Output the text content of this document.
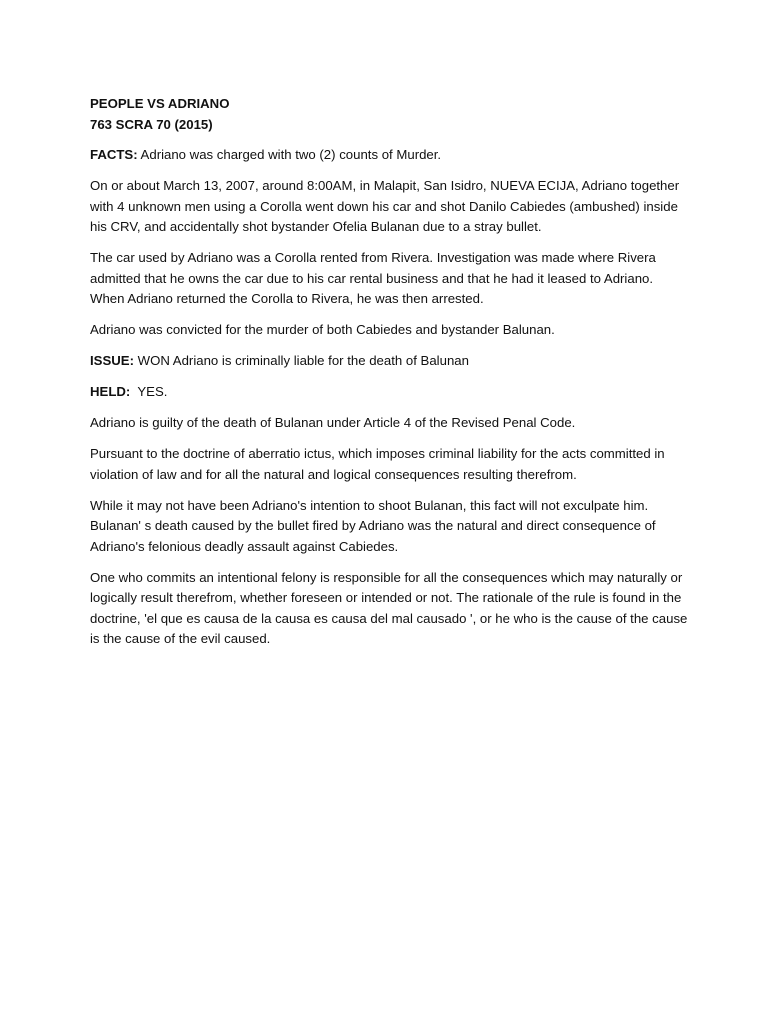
PEOPLE VS ADRIANO
763 SCRA 70 (2015)

FACTS: Adriano was charged with two (2) counts of Murder.

On or about March 13, 2007, around 8:00AM, in Malapit, San Isidro, NUEVA ECIJA, Adriano together with 4 unknown men using a Corolla went down his car and shot Danilo Cabiedes (ambushed) inside his CRV, and accidentally shot bystander Ofelia Bulanan due to a stray bullet.

The car used by Adriano was a Corolla rented from Rivera. Investigation was made where Rivera admitted that he owns the car due to his car rental business and that he had it leased to Adriano. When Adriano returned the Corolla to Rivera, he was then arrested.

Adriano was convicted for the murder of both Cabiedes and bystander Balunan.

ISSUE: WON Adriano is criminally liable for the death of Balunan

HELD:  YES.

Adriano is guilty of the death of Bulanan under Article 4 of the Revised Penal Code.

Pursuant to the doctrine of aberratio ictus, which imposes criminal liability for the acts committed in violation of law and for all the natural and logical consequences resulting therefrom.

While it may not have been Adriano's intention to shoot Bulanan, this fact will not exculpate him. Bulanan' s death caused by the bullet fired by Adriano was the natural and direct consequence of Adriano's felonious deadly assault against Cabiedes.

One who commits an intentional felony is responsible for all the consequences which may naturally or logically result therefrom, whether foreseen or intended or not. The rationale of the rule is found in the doctrine, 'el que es causa de la causa es causa del mal causado ', or he who is the cause of the cause is the cause of the evil caused.
